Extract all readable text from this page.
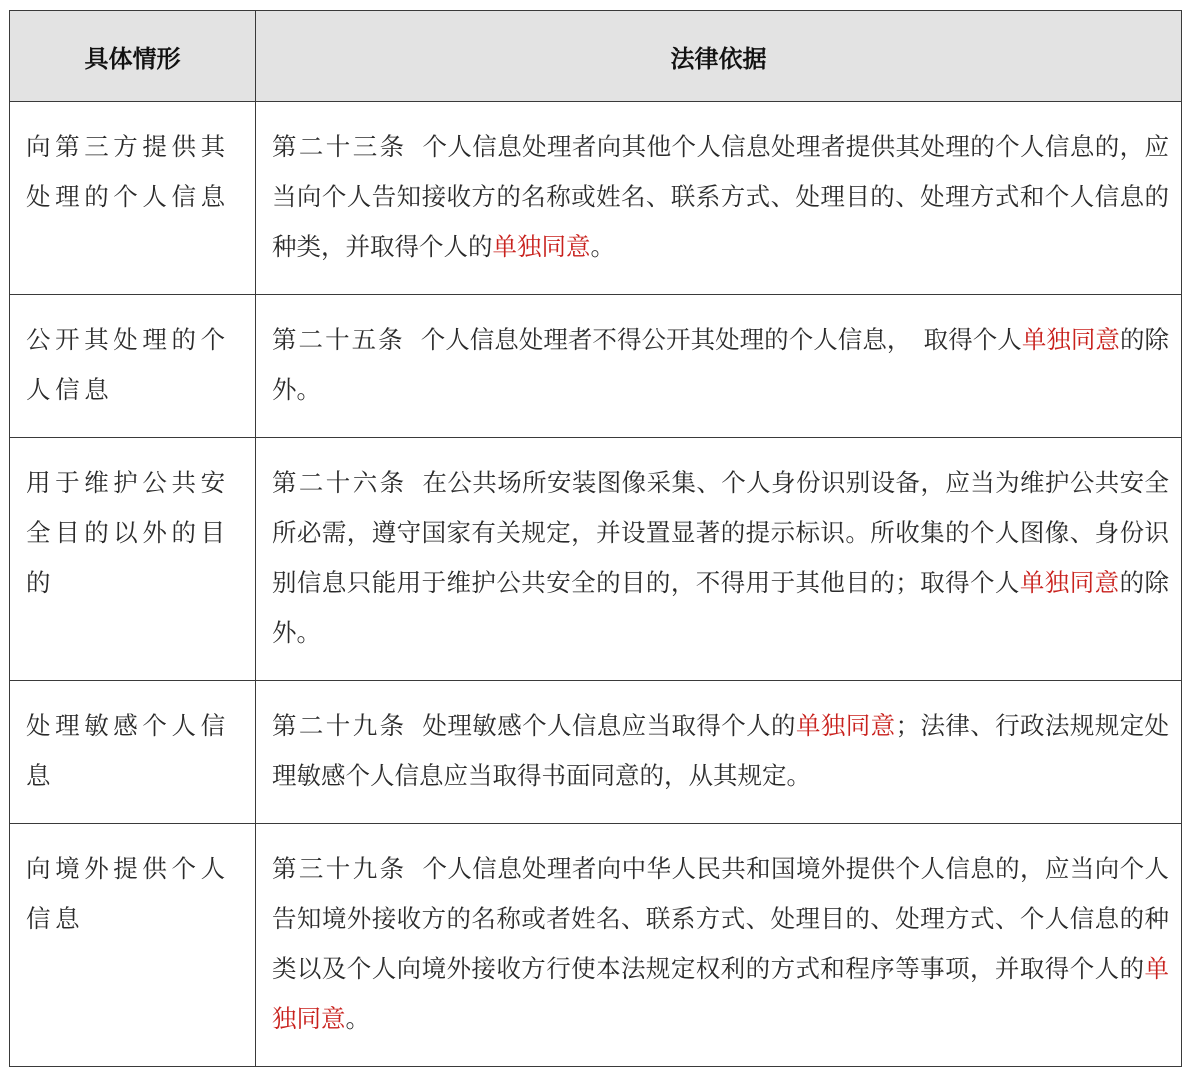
具体情形	法律依据
向第三方提供其处理的个人信息	第二十三条 个人信息处理者向其他个人信息处理者提供其处理的个人信息的，应当向个人告知接收方的名称或姓名、联系方式、处理目的、处理方式和个人信息的种类，并取得个人的单独同意。
公开其处理的个人信息	第二十五条 个人信息处理者不得公开其处理的个人信息，　取得个人单独同意的除外。
用于维护公共安全目的以外的目的	第二十六条 在公共场所安装图像采集、个人身份识别设备，应当为维护公共安全所必需，遵守国家有关规定，并设置显著的提示标识。所收集的个人图像、身份识别信息只能用于维护公共安全的目的，不得用于其他目的；取得个人单独同意的除外。
处理敏感个人信息	第二十九条 处理敏感个人信息应当取得个人的单独同意；法律、行政法规规定处理敏感个人信息应当取得书面同意的，从其规定。
向境外提供个人信息	第三十九条 个人信息处理者向中华人民共和国境外提供个人信息的，应当向个人告知境外接收方的名称或者姓名、联系方式、处理目的、处理方式、个人信息的种类以及个人向境外接收方行使本法规定权利的方式和程序等事项，并取得个人的单独同意。
